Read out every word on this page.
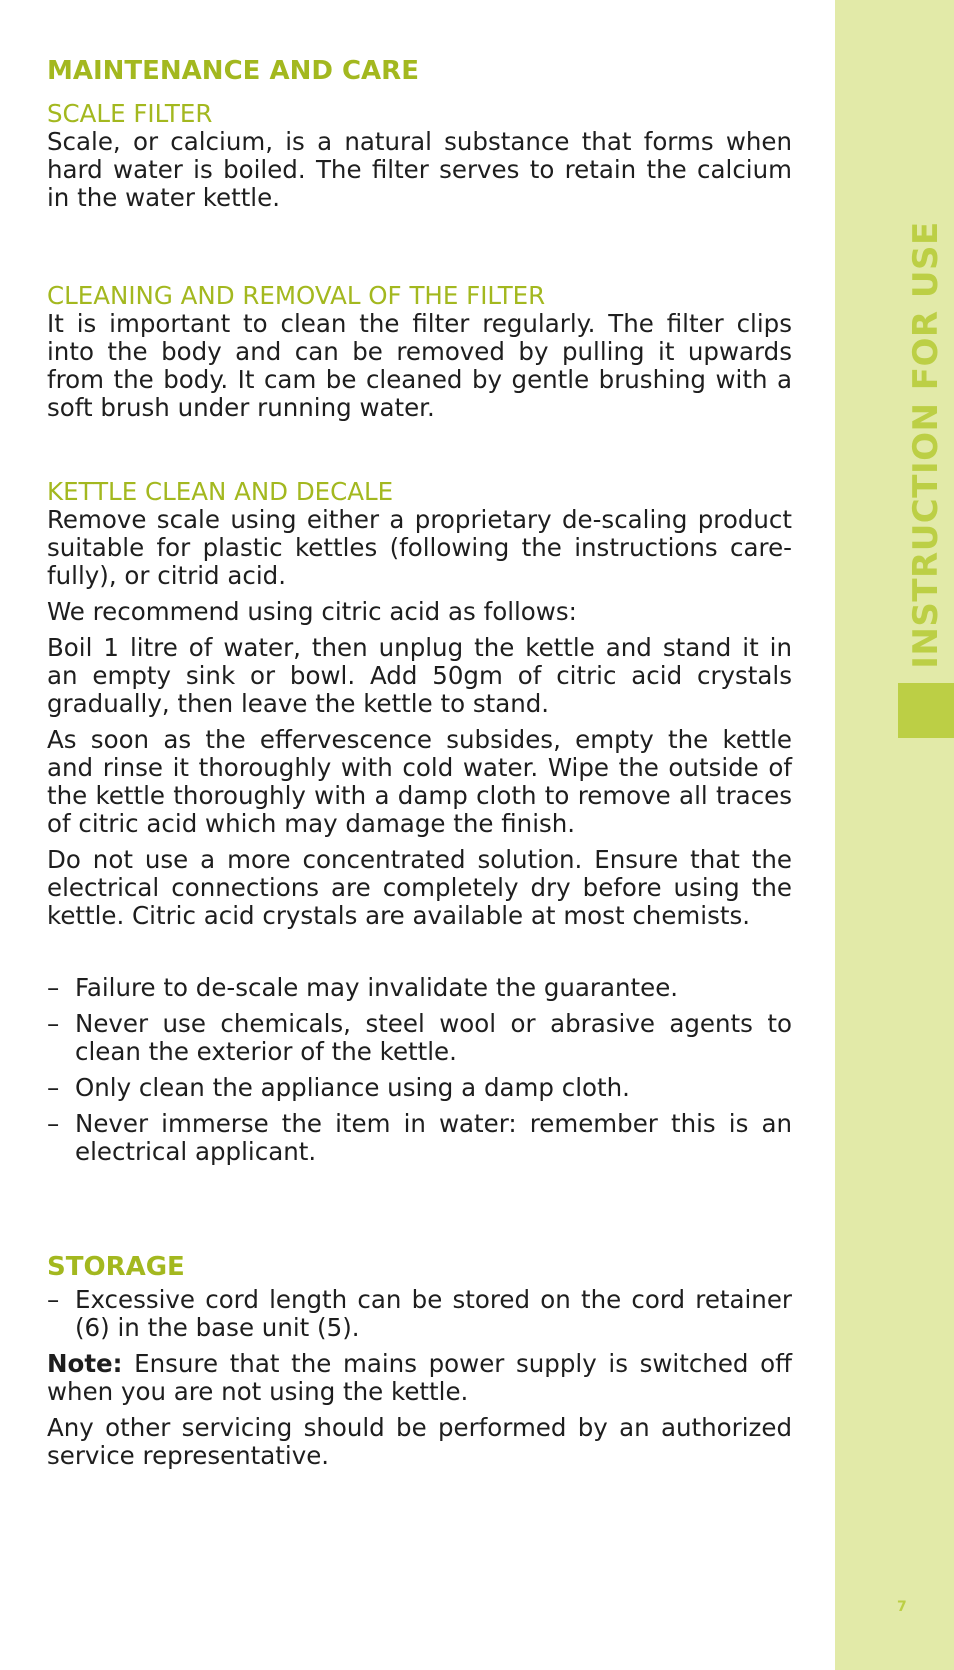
INSTRUCTION FOR USE
7
MAINTENANCE AND CARE
SCALE FILTER

Scale, or calcium, is a natural substance that forms when hard water is boiled. The filter serves to retain the calcium in the water kettle.

CLEANING AND REMOVAL OF THE FILTER

It is important to clean the filter regularly. The filter clips into the body and can be removed by pulling it upwards from the body. It cam be cleaned by gentle brushing with a soft brush under running water.

KETTLE CLEAN AND DECALE

Remove scale using either a proprietary de-scaling product suitable for plastic kettles (following the instructions care-fully), or citrid acid.

We recommend using citric acid as follows:

Boil 1 litre of water, then unplug the kettle and stand it in an empty sink or bowl. Add 50gm of citric acid crystals gradually, then leave the kettle to stand.

As soon as the effervescence subsides, empty the kettle and rinse it thoroughly with cold water. Wipe the outside of the kettle thoroughly with a damp cloth to remove all traces of citric acid which may damage the finish.

Do not use a more concentrated solution. Ensure that the electrical connections are completely dry before using the kettle. Citric acid crystals are available at most chemists.

– Failure to de-scale may invalidate the guarantee.
– Never use chemicals, steel wool or abrasive agents to clean the exterior of the kettle.
– Only clean the appliance using a damp cloth.
– Never immerse the item in water: remember this is an electrical applicant.
STORAGE
– Excessive cord length can be stored on the cord retainer (6) in the base unit (5).

Note: Ensure that the mains power supply is switched off when you are not using the kettle.

Any other servicing should be performed by an authorized service representative.
